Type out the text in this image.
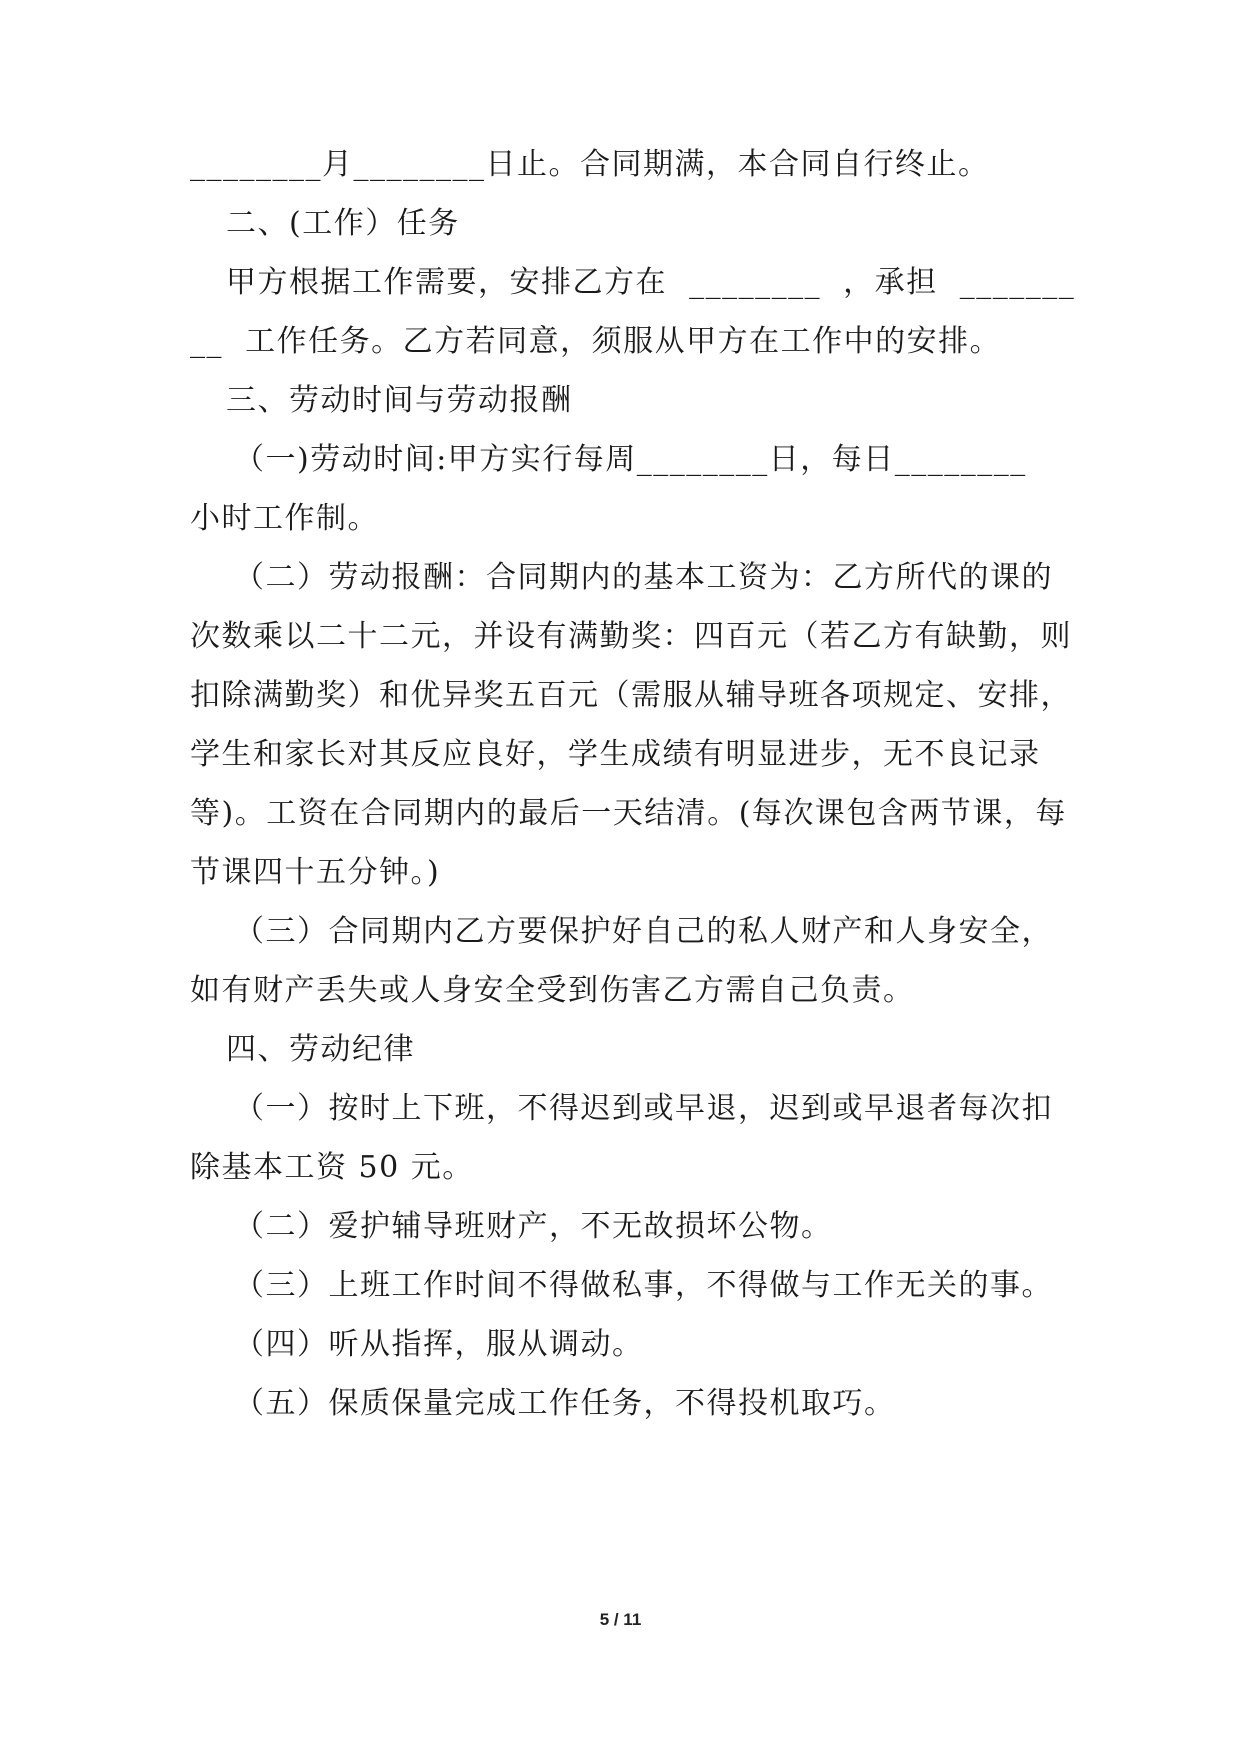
________月________日止。合同期满，本合同自行终止。
二、(工作）任务
甲方根据工作需要，安排乙方在  ________  ，承担  _______
__  工作任务。乙方若同意，须服从甲方在工作中的安排。
三、劳动时间与劳动报酬
（一)劳动时间:甲方实行每周________日，每日________
小时工作制。
（二）劳动报酬：合同期内的基本工资为：乙方所代的课的
次数乘以二十二元，并设有满勤奖：四百元（若乙方有缺勤，则
扣除满勤奖）和优异奖五百元（需服从辅导班各项规定、安排，
学生和家长对其反应良好，学生成绩有明显进步，无不良记录
等)。工资在合同期内的最后一天结清。(每次课包含两节课，每
节课四十五分钟。)
（三）合同期内乙方要保护好自己的私人财产和人身安全，
如有财产丢失或人身安全受到伤害乙方需自己负责。
四、劳动纪律
（一）按时上下班，不得迟到或早退，迟到或早退者每次扣
除基本工资 50 元。
（二）爱护辅导班财产，不无故损坏公物。
（三）上班工作时间不得做私事，不得做与工作无关的事。
（四）听从指挥，服从调动。
（五）保质保量完成工作任务，不得投机取巧。
5 / 11
